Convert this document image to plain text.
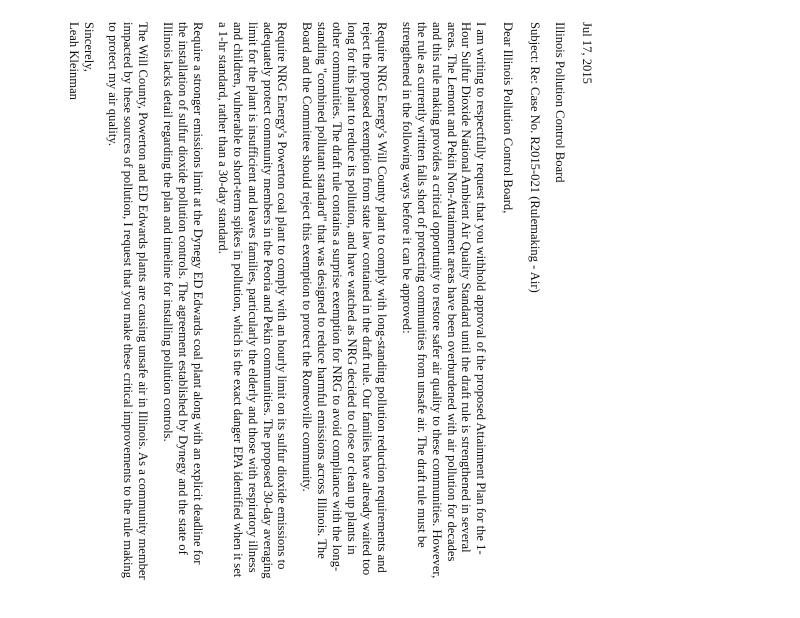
Jul 17, 2015

Illinois Pollution Control Board

Subject: Re: Case No. R2015-021 (Rulemaking - Air)

Dear Illinois Pollution Control Board,

I am writing to respectfully request that you withhold approval of the proposed Attainment Plan for the 1-Hour Sulfur Dioxide National Ambient Air Quality Standard until the draft rule is strengthened in several areas. The Lemont and Pekin Non-Attainment areas have been overburdened with air pollution for decades and this rule making provides a critical opportunity to restore safer air quality to these communities. However, the rule as currently written falls short of protecting communities from unsafe air. The draft rule must be strengthened in the following ways before it can be approved:

Require NRG Energy's Will County plant to comply with long-standing pollution reduction requirements and reject the proposed exemption from state law contained in the draft rule. Our families have already waited too long for this plant to reduce its pollution, and have watched as NRG decided to close or clean up plants in other communities. The draft rule contains a surprise exemption for NRG to avoid compliance with the long-standing "combined pollutant standard" that was designed to reduce harmful emissions across Illinois. The Board and the Committee should reject this exemption to protect the Romeoville community.

Require NRG Energy's Powerton coal plant to comply with an hourly limit on its sulfur dioxide emissions to adequately protect community members in the Peoria and Pekin communities. The proposed 30-day averaging limit for the plant is insufficient and leaves families, particularly the elderly and those with respiratory illness and children, vulnerable to short-term spikes in pollution, which is the exact danger EPA identified when it set a 1-hr standard, rather than a 30-day standard.

Require a stronger emissions limit at the Dynegy ED Edwards coal plant along with an explicit deadline for the installation of sulfur dioxide pollution controls. The agreement established by Dynegy and the state of Illinois lacks detail regarding the plan and timeline for installing pollution controls.

The Will County, Powerton and ED Edwards plants are causing unsafe air in Illinois. As a community member impacted by these sources of pollution, I request that you make these critical improvements to the rule making to protect my air quality.

Sincerely,

Leah Kleinman
